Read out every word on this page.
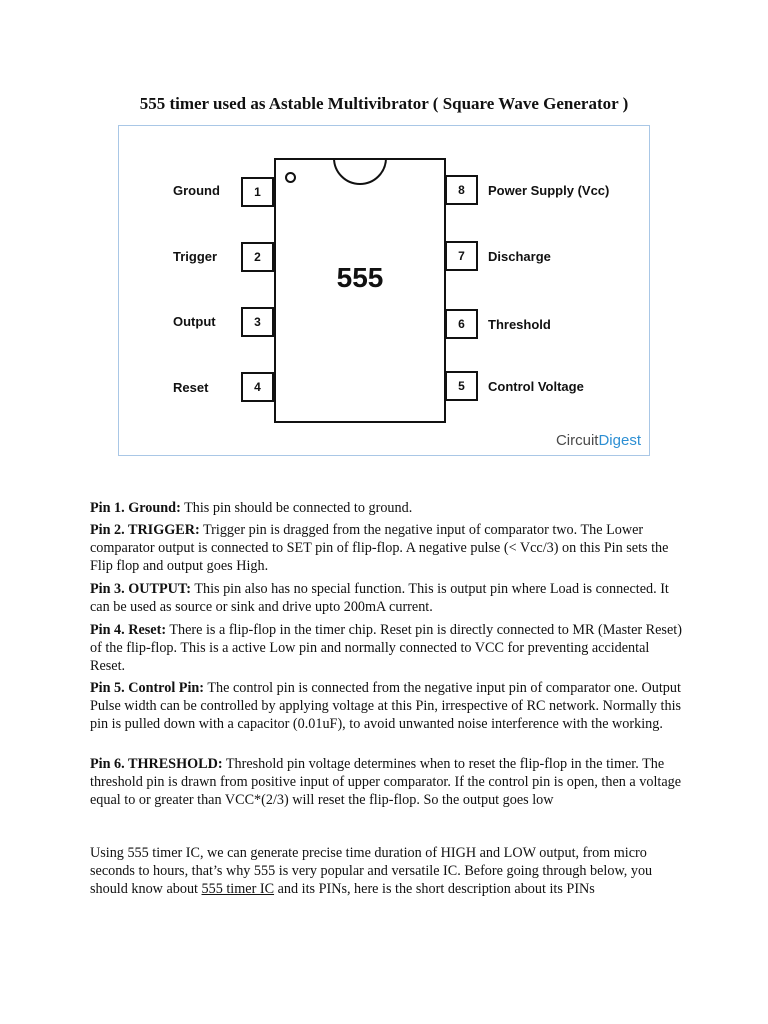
555 timer used as Astable Multivibrator ( Square Wave Generator )
1
2
3
4
Ground
Trigger
Output
Reset
555
8
7
6
5
Power Supply (Vcc)
Discharge
Threshold
Control Voltage
CircuitDigest

Pin 1. Ground: This pin should be connected to ground.

Pin 2. TRIGGER: Trigger pin is dragged from the negative input of comparator two. The Lower comparator output is connected to SET pin of flip-flop. A negative pulse (< Vcc/3) on this Pin sets the Flip flop and output goes High.

Pin 3. OUTPUT: This pin also has no special function. This is output pin where Load is connected. It can be used as source or sink and drive upto 200mA current.

Pin 4. Reset: There is a flip-flop in the timer chip. Reset pin is directly connected to MR (Master Reset) of the flip-flop. This is a active Low pin and normally connected to VCC for preventing accidental Reset.

Pin 5. Control Pin: The control pin is connected from the negative input pin of comparator one. Output Pulse width can be controlled by applying voltage at this Pin, irrespective of RC network. Normally this pin is pulled down with a capacitor (0.01uF), to avoid unwanted noise interference with the working.

Pin 6. THRESHOLD: Threshold pin voltage determines when to reset the flip-flop in the timer. The threshold pin is drawn from positive input of upper comparator. If the control pin is open, then a voltage equal to or greater than VCC*(2/3) will reset the flip-flop. So the output goes low

Using 555 timer IC, we can generate precise time duration of HIGH and LOW output, from micro seconds to hours, that’s why 555 is very popular and versatile IC. Before going through below, you should know about 555 timer IC and its PINs, here is the short description about its PINs
